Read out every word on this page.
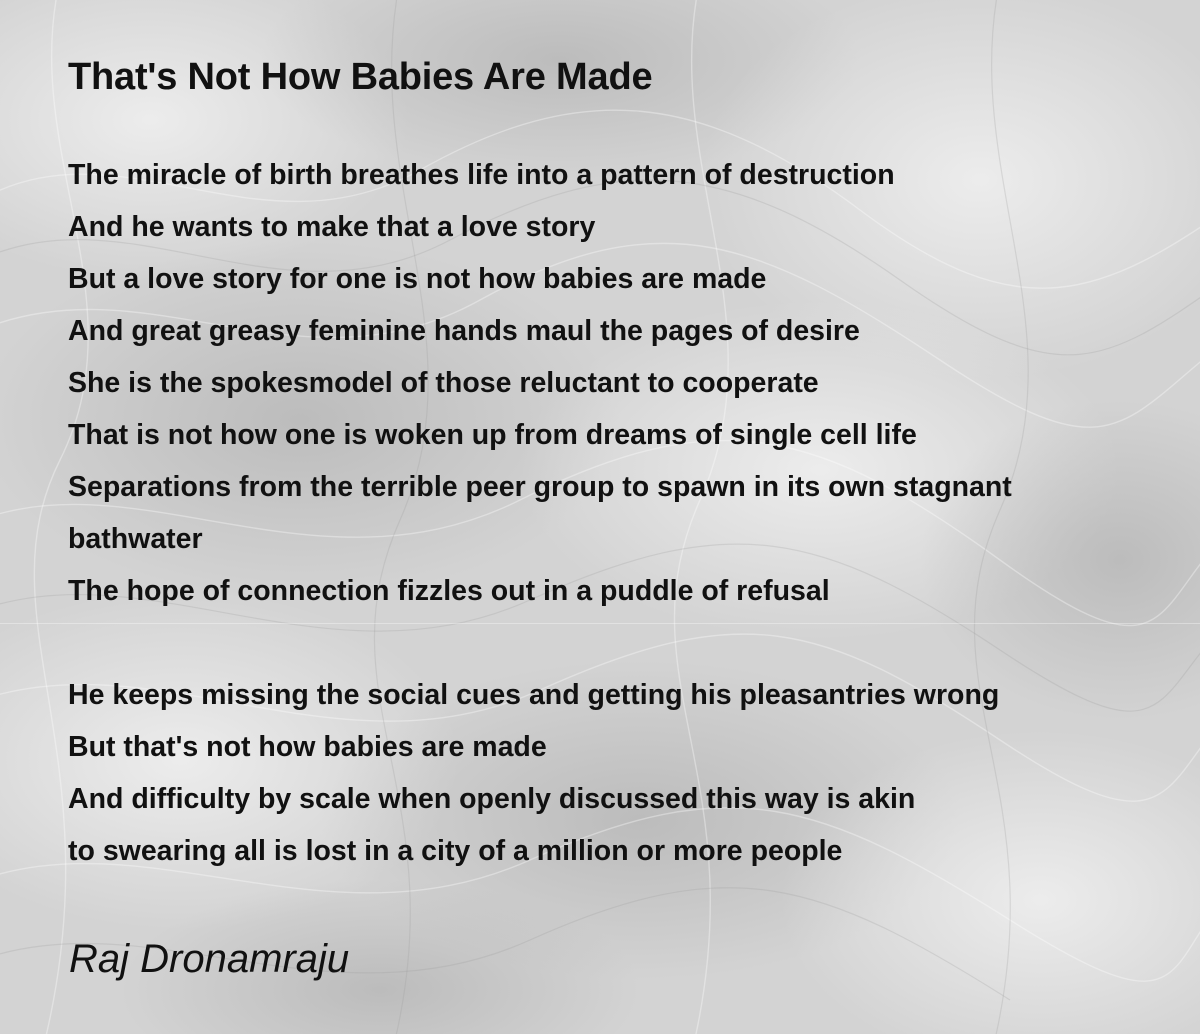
That's Not How Babies Are Made
The miracle of birth breathes life into a pattern of destruction
And he wants to make that a love story
But a love story for one is not how babies are made
And great greasy feminine hands maul the pages of desire
She is the spokesmodel of those reluctant to cooperate
That is not how one is woken up from dreams of single cell life
Separations from the terrible peer group to spawn in its own stagnant
bathwater
The hope of connection fizzles out in a puddle of refusal
He keeps missing the social cues and getting his pleasantries wrong
But that's not how babies are made
And difficulty by scale when openly discussed this way is akin
to swearing all is lost in a city of a million or more people

Raj Dronamraju
